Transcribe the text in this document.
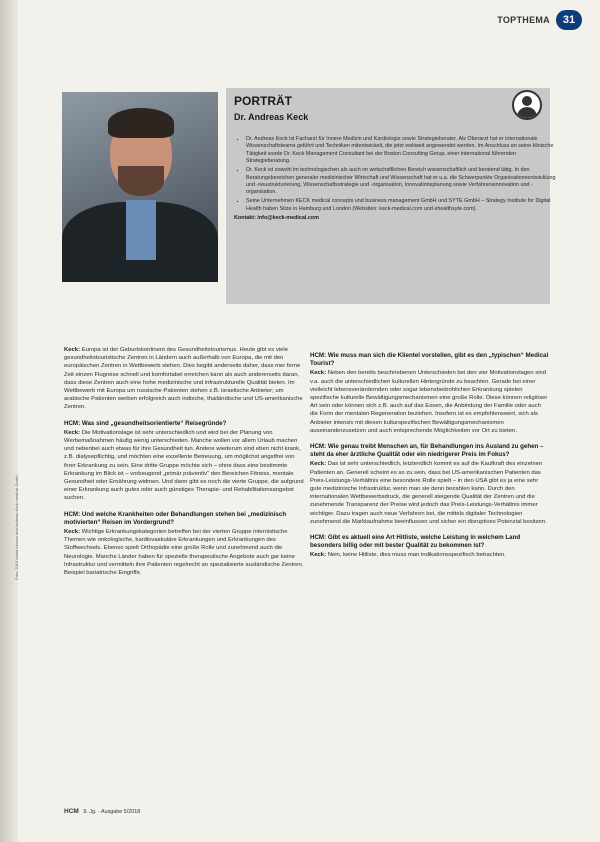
TOPTHEMA	31
PORTRÄT
Dr. Andreas Keck
▪ Dr. Andreas Keck ist Facharzt für Innere Medizin und Kardiologie sowie Strategieberater. Als Oberarzt hat er internationale Wissenschaftsteams geführt und Techniken mitentwickelt, die jetzt weltweit angewendet werden. Im Anschluss an seine klinische Tätigkeit wurde Dr. Keck Management Consultant bei der Boston Consulting Group, einer international führenden Strategieberatung.
▪ Dr. Keck ist sowohl im technologischen als auch im wirtschaftlichen Bereich wissenschaftlich und beratend tätig. In den Beratungsbereichen generaler medizinischer Wirtschaft und Wissenschaft hat er u.a. die Schwerpunkte Organisationsentwicklung und -neustrukturierung, Wissenschaftsstrategie und -organisation, Innovationsplanung sowie Verfahrensinnovation und -organisation.
▪ Seine Unternehmen KECK medical concepts und business management GmbH und SYTE GmbH – Strategy Institute for Digital Health haben Sitze in Hamburg und London (Websites: keck-medical.com und ehealthsyte.com).
Kontakt: info@keck-medical.com

Keck: Europa ist der Geburtskontinent des Gesundheitstourismus. Heute gibt es viele gesundheitstouristische Zentren in Ländern auch außerhalb von Europa, die mit den europäischen Zentren in Wettbewerb stehen. Dies begibt anderseits daher, dass mer ferne Zeit einzen Flugreise schnell und komfortabel erreichen kann als auch andererseits daran, dass diese Zentren auch eine hohe medizinische und infrastrukturelle Qualität bieten. Im Wettbewerb mit Europa um russische Patienten stehen z.B. israelische Anbieter; um arabische Patienten werben erfolgreich auch indische, thailändische und US-amerikanische Zentren.

HCM: Was sind „gesundheitsorientierte“ Reisegründe?

Keck: Die Motivationslage ist sehr unterschiedlich und wird bei der Planung von Werbemaßnahmen häufig wenig unterschieden. Manche wollen vor allem Urlaub machen und nebenbei auch etwas für ihre Gesundheit tun. Andere wiederum sind eben nicht krank, z.B. dialysepflichtig, und möchten eine exzellente Betreuung, um möglichst angstfrei von ihrer Erkrankung zu sein. Eine dritte Gruppe möchte sich – ohne dass eine bestimmte Erkrankung im Blick ist – vorbeugend „primär präventiv“ den Bereichen Fitness, mentale Gesundheit oder Ernährung widmen. Und dann gibt es noch die vierte Gruppe, die aufgrund einer Erkrankung auch gutes oder auch günstiges Therapie- und Rehabilitationsangebot suchen.

HCM: Und welche Krankheiten oder Behandlungen stehen bei „medizinisch motivierten“ Reisen im Vordergrund?

Keck: Wichtige Erkrankungskategorien betreffen bei der vierten Gruppe internistische Themen wie onkologische, kardiovaskuläre Erkrankungen und Erkrankungen des Stoffwechsels. Ebenso spielt Orthopädie eine große Rolle und zunehmend auch die Neurologie. Manche Länder haben für spezielle therapeutische Angebote auch gar keine Infrastruktur und vermitteln ihre Patienten regelrecht an spezialisierte ausländische Zentren. Beispiel bariatrische Eingriffe.

HCM: Wie muss man sich die Klientel vorstellen, gibt es den „typischen“ Medical Tourist?

Keck: Neben den bereits beschriebenen Unterschieden bei den vier Motivationslagen sind v.a. auch die unterschiedlichen kulturellen Hintergründe zu beachten. Gerade bei einer vielleicht lebensverändernden oder sogar lebensbedrohlichen Erkrankung spielen spezifische kulturelle Bewältigungsmechanismen eine große Rolle. Diese können religiöser Art sein oder können sich z.B. auch auf das Essen, die Anbindung der Familie oder auch die Form der mentalen Regeneration beziehen. Insofern ist es empfehlenswert, sich als Anbieter intensiv mit diesen kulturspezifischen Bewältigungsmechanismen auseinanderzusetzen und auch entsprechende Möglichkeiten vor Ort zu bieten.

HCM: Wie genau treibt Menschen an, für Behandlungen ins Ausland zu gehen – steht da eher ärztliche Qualität oder ein niedrigerer Preis im Fokus?

Keck: Das ist sehr unterschiedlich, letztendlich kommt es auf die Kaufkraft des einzelnen Patienten an. Generell scheint es so zu sein, dass bei US-amerikanischen Patienten das Preis-Leistungs-Verhältnis eine besondere Rolle spielt – in den USA gibt es ja eine sehr gute medizinische Infrastruktur, wenn man sie denn bezahlen kann. Durch den internationalen Wettbewerbsdruck, die generell steigende Qualität der Zentren und die zunehmende Transparenz der Preise wird jedoch das Preis-Leistungs-Verhältnis immer wichtiger. Dazu tragen auch neue Verfahren bei, die mittels digitaler Technologien zunehmend die Marktaufnahme beeinflussen und sicher ein disruptives Potenzial besitzen.

HCM: Gibt es aktuell eine Art Hitliste, welche Leistung in welchem Land besonders billig oder mit bester Qualität zu bekommen ist?

Keck: Nein, keine Hitliste, dies muss man indikationsspezifisch betrachten.

Foto: 2016 Astrid Ahrens und Andreas Keck medical GmbH
HCM 9. Jg. · Ausgabe 5/2018
